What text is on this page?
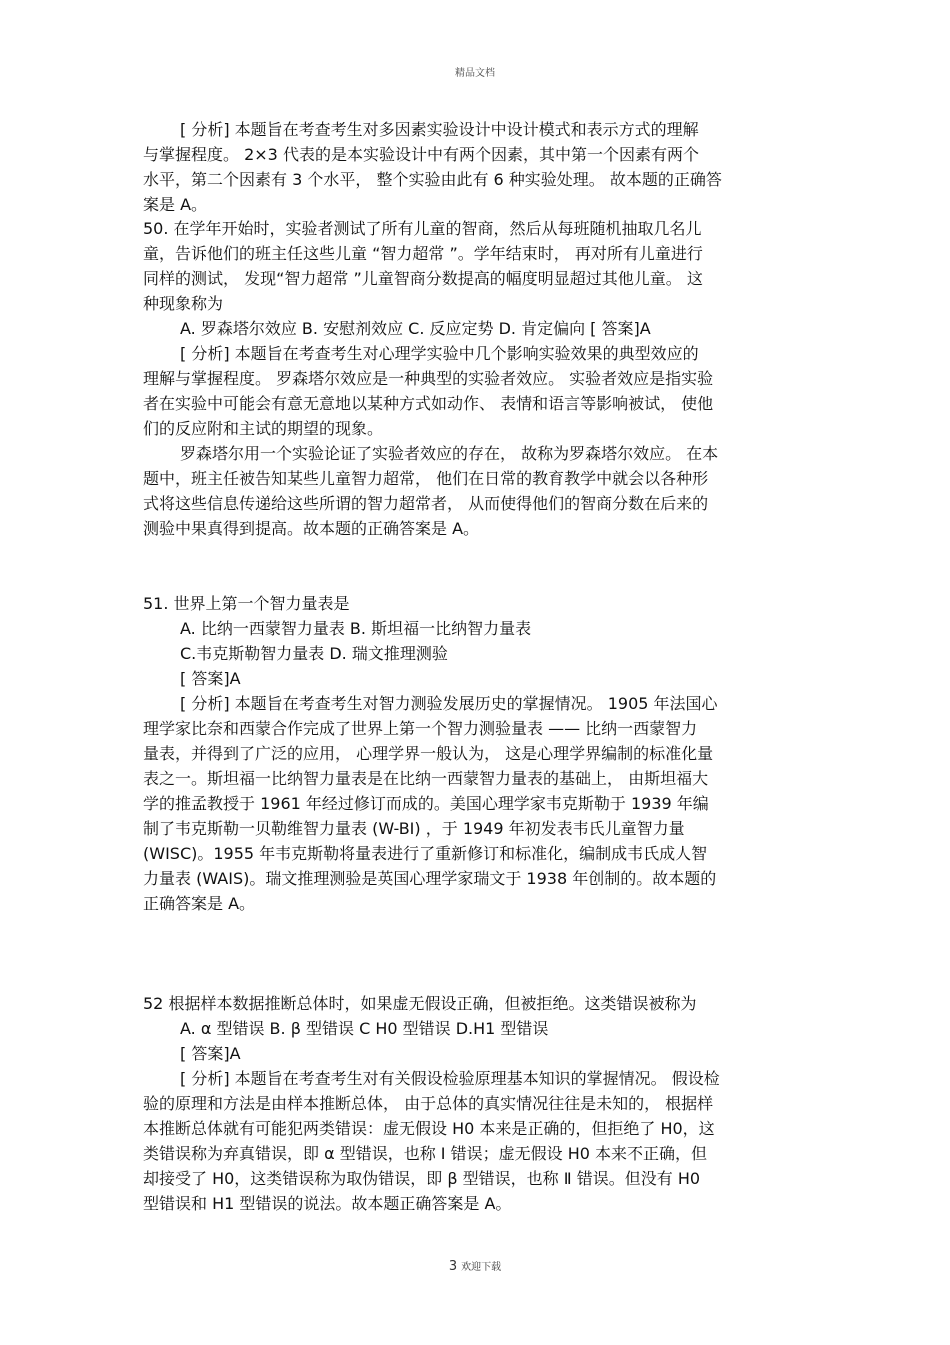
精品文档
[ 分析] 本题旨在考查考生对多因素实验设计中设计模式和表示方式的理解
与掌握程度。 2×3 代表的是本实验设计中有两个因素，其中第一个因素有两个
水平，第二个因素有 3 个水平， 整个实验由此有 6 种实验处理。 故本题的正确答
案是 A。
50. 在学年开始时，实验者测试了所有儿童的智商，然后从每班随机抽取几名儿
童，告诉他们的班主任这些儿童 “智力超常 ”。学年结束时， 再对所有儿童进行
同样的测试， 发现“智力超常 ”儿童智商分数提高的幅度明显超过其他儿童。 这
种现象称为
A. 罗森塔尔效应 B. 安慰剂效应 C. 反应定势 D. 肯定偏向 [ 答案]A
[ 分析] 本题旨在考查考生对心理学实验中几个影响实验效果的典型效应的
理解与掌握程度。 罗森塔尔效应是一种典型的实验者效应。 实验者效应是指实验
者在实验中可能会有意无意地以某种方式如动作、 表情和语言等影响被试， 使他
们的反应附和主试的期望的现象。
罗森塔尔用一个实验论证了实验者效应的存在， 故称为罗森塔尔效应。 在本
题中，班主任被告知某些儿童智力超常， 他们在日常的教育教学中就会以各种形
式将这些信息传递给这些所谓的智力超常者， 从而使得他们的智商分数在后来的
测验中果真得到提高。故本题的正确答案是 A。
51. 世界上第一个智力量表是
A. 比纳一西蒙智力量表 B. 斯坦福一比纳智力量表
C.韦克斯勒智力量表 D. 瑞文推理测验
[ 答案]A
[ 分析] 本题旨在考查考生对智力测验发展历史的掌握情况。 1905 年法国心
理学家比奈和西蒙合作完成了世界上第一个智力测验量表 —— 比纳一西蒙智力
量表，并得到了广泛的应用， 心理学界一般认为， 这是心理学界编制的标准化量
表之一。斯坦福一比纳智力量表是在比纳一西蒙智力量表的基础上， 由斯坦福大
学的推孟教授于 1961 年经过修订而成的。美国心理学家韦克斯勒于 1939 年编
制了韦克斯勒一贝勒维智力量表 (W-BI) ，于 1949 年初发表韦氏儿童智力量
(WISC)。1955 年韦克斯勒将量表进行了重新修订和标准化，编制成韦氏成人智
力量表 (WAIS)。瑞文推理测验是英国心理学家瑞文于 1938 年创制的。故本题的
正确答案是 A。
52 根据样本数据推断总体时，如果虚无假设正确，但被拒绝。这类错误被称为
A. α 型错误 B. β 型错误 C H0 型错误 D.H1 型错误
[ 答案]A
[ 分析] 本题旨在考查考生对有关假设检验原理基本知识的掌握情况。 假设检
验的原理和方法是由样本推断总体， 由于总体的真实情况往往是未知的， 根据样
本推断总体就有可能犯两类错误：虚无假设 H0 本来是正确的，但拒绝了 H0，这
类错误称为弃真错误，即 α 型错误，也称 Ⅰ 错误；虚无假设 H0 本来不正确，但
却接受了 H0，这类错误称为取伪错误，即 β 型错误，也称 Ⅱ 错误。但没有 H0
型错误和 H1 型错误的说法。故本题正确答案是 A。
3 欢迎下载
